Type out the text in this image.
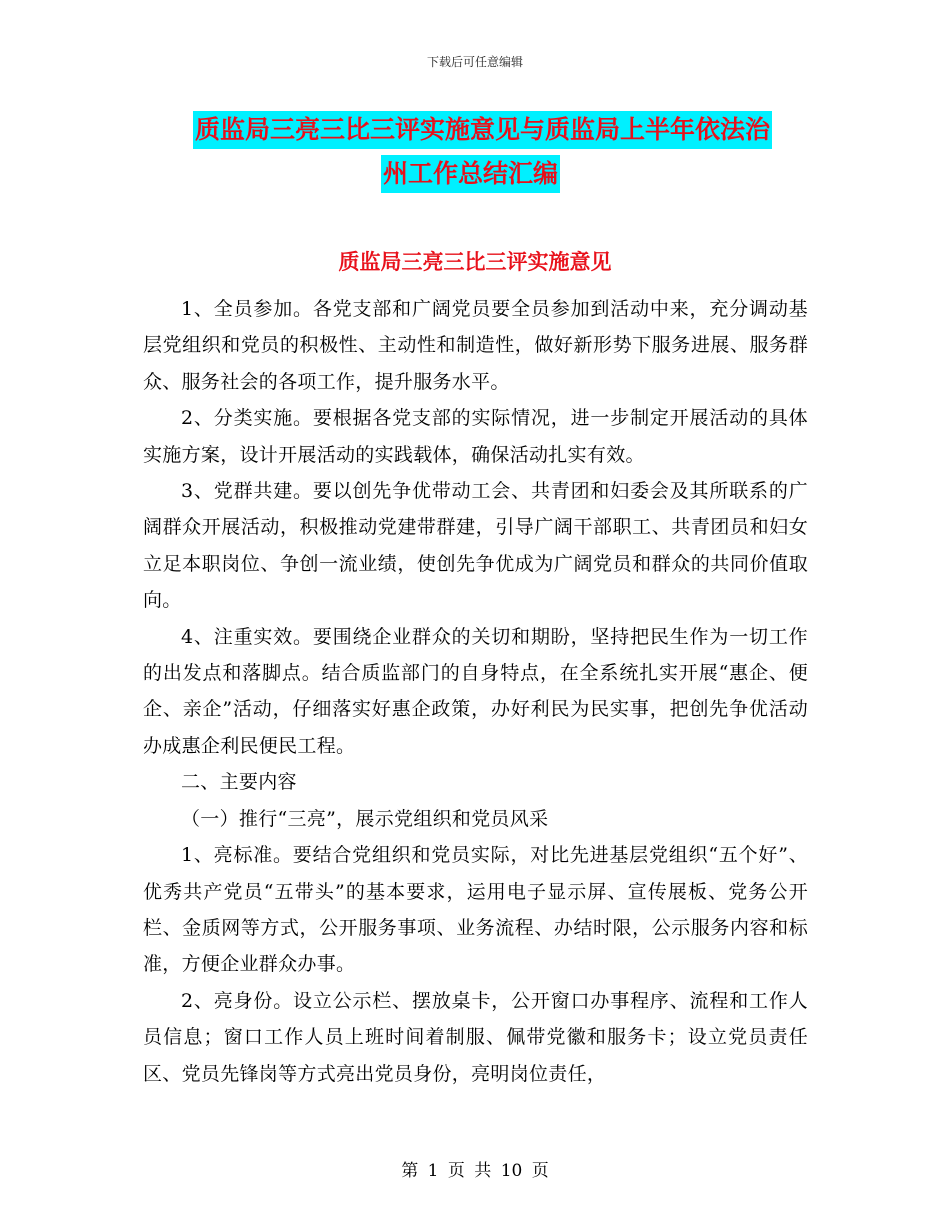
下载后可任意编辑
质监局三亮三比三评实施意见与质监局上半年依法治
州工作总结汇编
质监局三亮三比三评实施意见

1、全员参加。各党支部和广阔党员要全员参加到活动中来，充分调动基层党组织和党员的积极性、主动性和制造性，做好新形势下服务进展、服务群众、服务社会的各项工作，提升服务水平。

2、分类实施。要根据各党支部的实际情况，进一步制定开展活动的具体实施方案，设计开展活动的实践载体，确保活动扎实有效。

3、党群共建。要以创先争优带动工会、共青团和妇委会及其所联系的广阔群众开展活动，积极推动党建带群建，引导广阔干部职工、共青团员和妇女立足本职岗位、争创一流业绩，使创先争优成为广阔党员和群众的共同价值取向。

4、注重实效。要围绕企业群众的关切和期盼，坚持把民生作为一切工作的出发点和落脚点。结合质监部门的自身特点，在全系统扎实开展“惠企、便企、亲企”活动，仔细落实好惠企政策，办好利民为民实事，把创先争优活动办成惠企利民便民工程。

二、主要内容

（一）推行“三亮”，展示党组织和党员风采

1、亮标准。要结合党组织和党员实际，对比先进基层党组织“五个好”、优秀共产党员“五带头”的基本要求，运用电子显示屏、宣传展板、党务公开栏、金质网等方式，公开服务事项、业务流程、办结时限，公示服务内容和标准，方便企业群众办事。

2、亮身份。设立公示栏、摆放桌卡，公开窗口办事程序、流程和工作人员信息；窗口工作人员上班时间着制服、佩带党徽和服务卡；设立党员责任区、党员先锋岗等方式亮出党员身份，亮明岗位责任，

第 1 页 共 10 页
